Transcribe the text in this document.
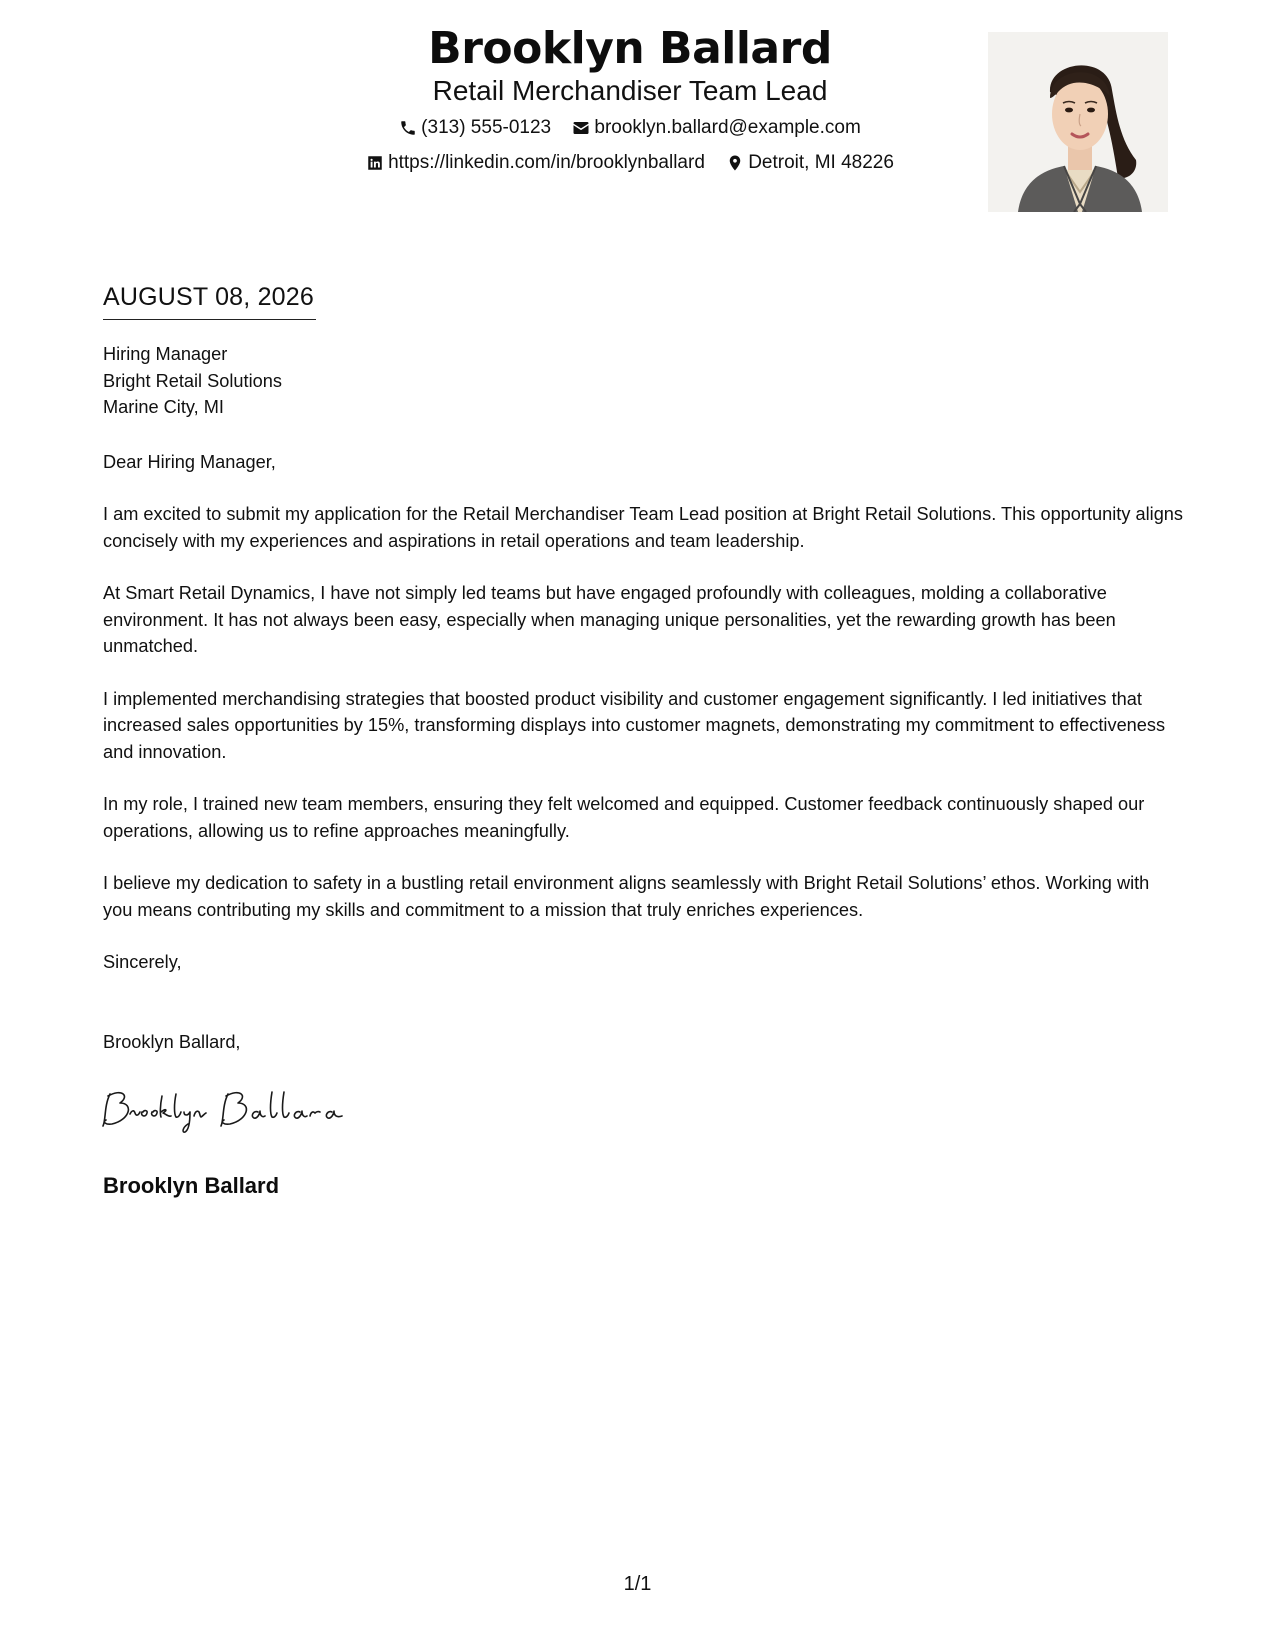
Brooklyn Ballard
Retail Merchandiser Team Lead
(313) 555-0123
brooklyn.ballard@example.com
https://linkedin.com/in/brooklynballard
Detroit, MI 48226
AUGUST 08, 2026
Hiring Manager
Bright Retail Solutions
Marine City, MI
Dear Hiring Manager,
I am excited to submit my application for the Retail Merchandiser Team Lead position at Bright Retail Solutions. This opportunity aligns concisely with my experiences and aspirations in retail operations and team leadership.
At Smart Retail Dynamics, I have not simply led teams but have engaged profoundly with colleagues, molding a collaborative environment. It has not always been easy, especially when managing unique personalities, yet the rewarding growth has been unmatched.
I implemented merchandising strategies that boosted product visibility and customer engagement significantly. I led initiatives that increased sales opportunities by 15%, transforming displays into customer magnets, demonstrating my commitment to effectiveness and innovation.
In my role, I trained new team members, ensuring they felt welcomed and equipped. Customer feedback continuously shaped our operations, allowing us to refine approaches meaningfully.
I believe my dedication to safety in a bustling retail environment aligns seamlessly with Bright Retail Solutions’ ethos. Working with you means contributing my skills and commitment to a mission that truly enriches experiences.
Sincerely,
Brooklyn Ballard,
Brooklyn Ballard
1/1
